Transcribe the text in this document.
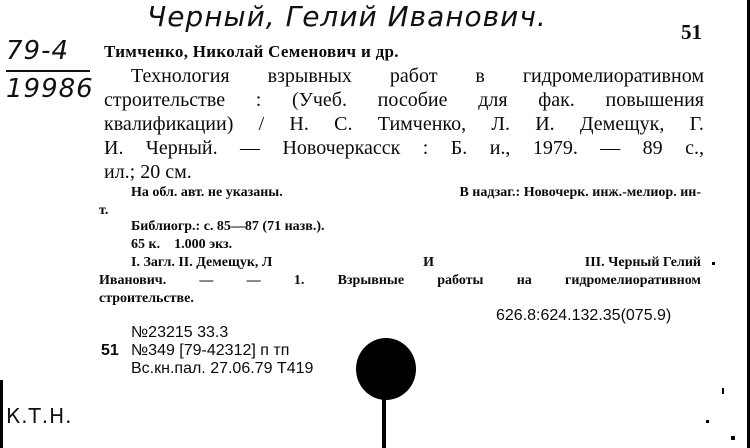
Черный, Гелий Иванович.
79-4
19986
К.Т.Н.
51
Тимченко, Николай Семенович и др.
Технология взрывных работ в гидромелиоративном
строительстве : (Учеб. пособие для фак. повышения
квалификации) / Н. С. Тимченко, Л. И. Демещук, Г.
И. Черный. — Новочеркасск : Б. и., 1979. — 89 с.,
ил.; 20 см.
На обл. авт. не указаны.	В надзаг.: Новочерк. инж.-мелиор. ин-
т.
Библиогр.: с. 85—87 (71 назв.).
65 к.    1.000 экз.
I. Загл. II. Демещук, Л	И	III. Черный Гелий
Иванович. — — 1. Взрывные работы на гидромелиоративном
строительстве.
626.8:624.132.35(075.9)
№23215 33.3
51 №349 [79-42312] п тп
Вс.кн.пал. 27.06.79 Т419
